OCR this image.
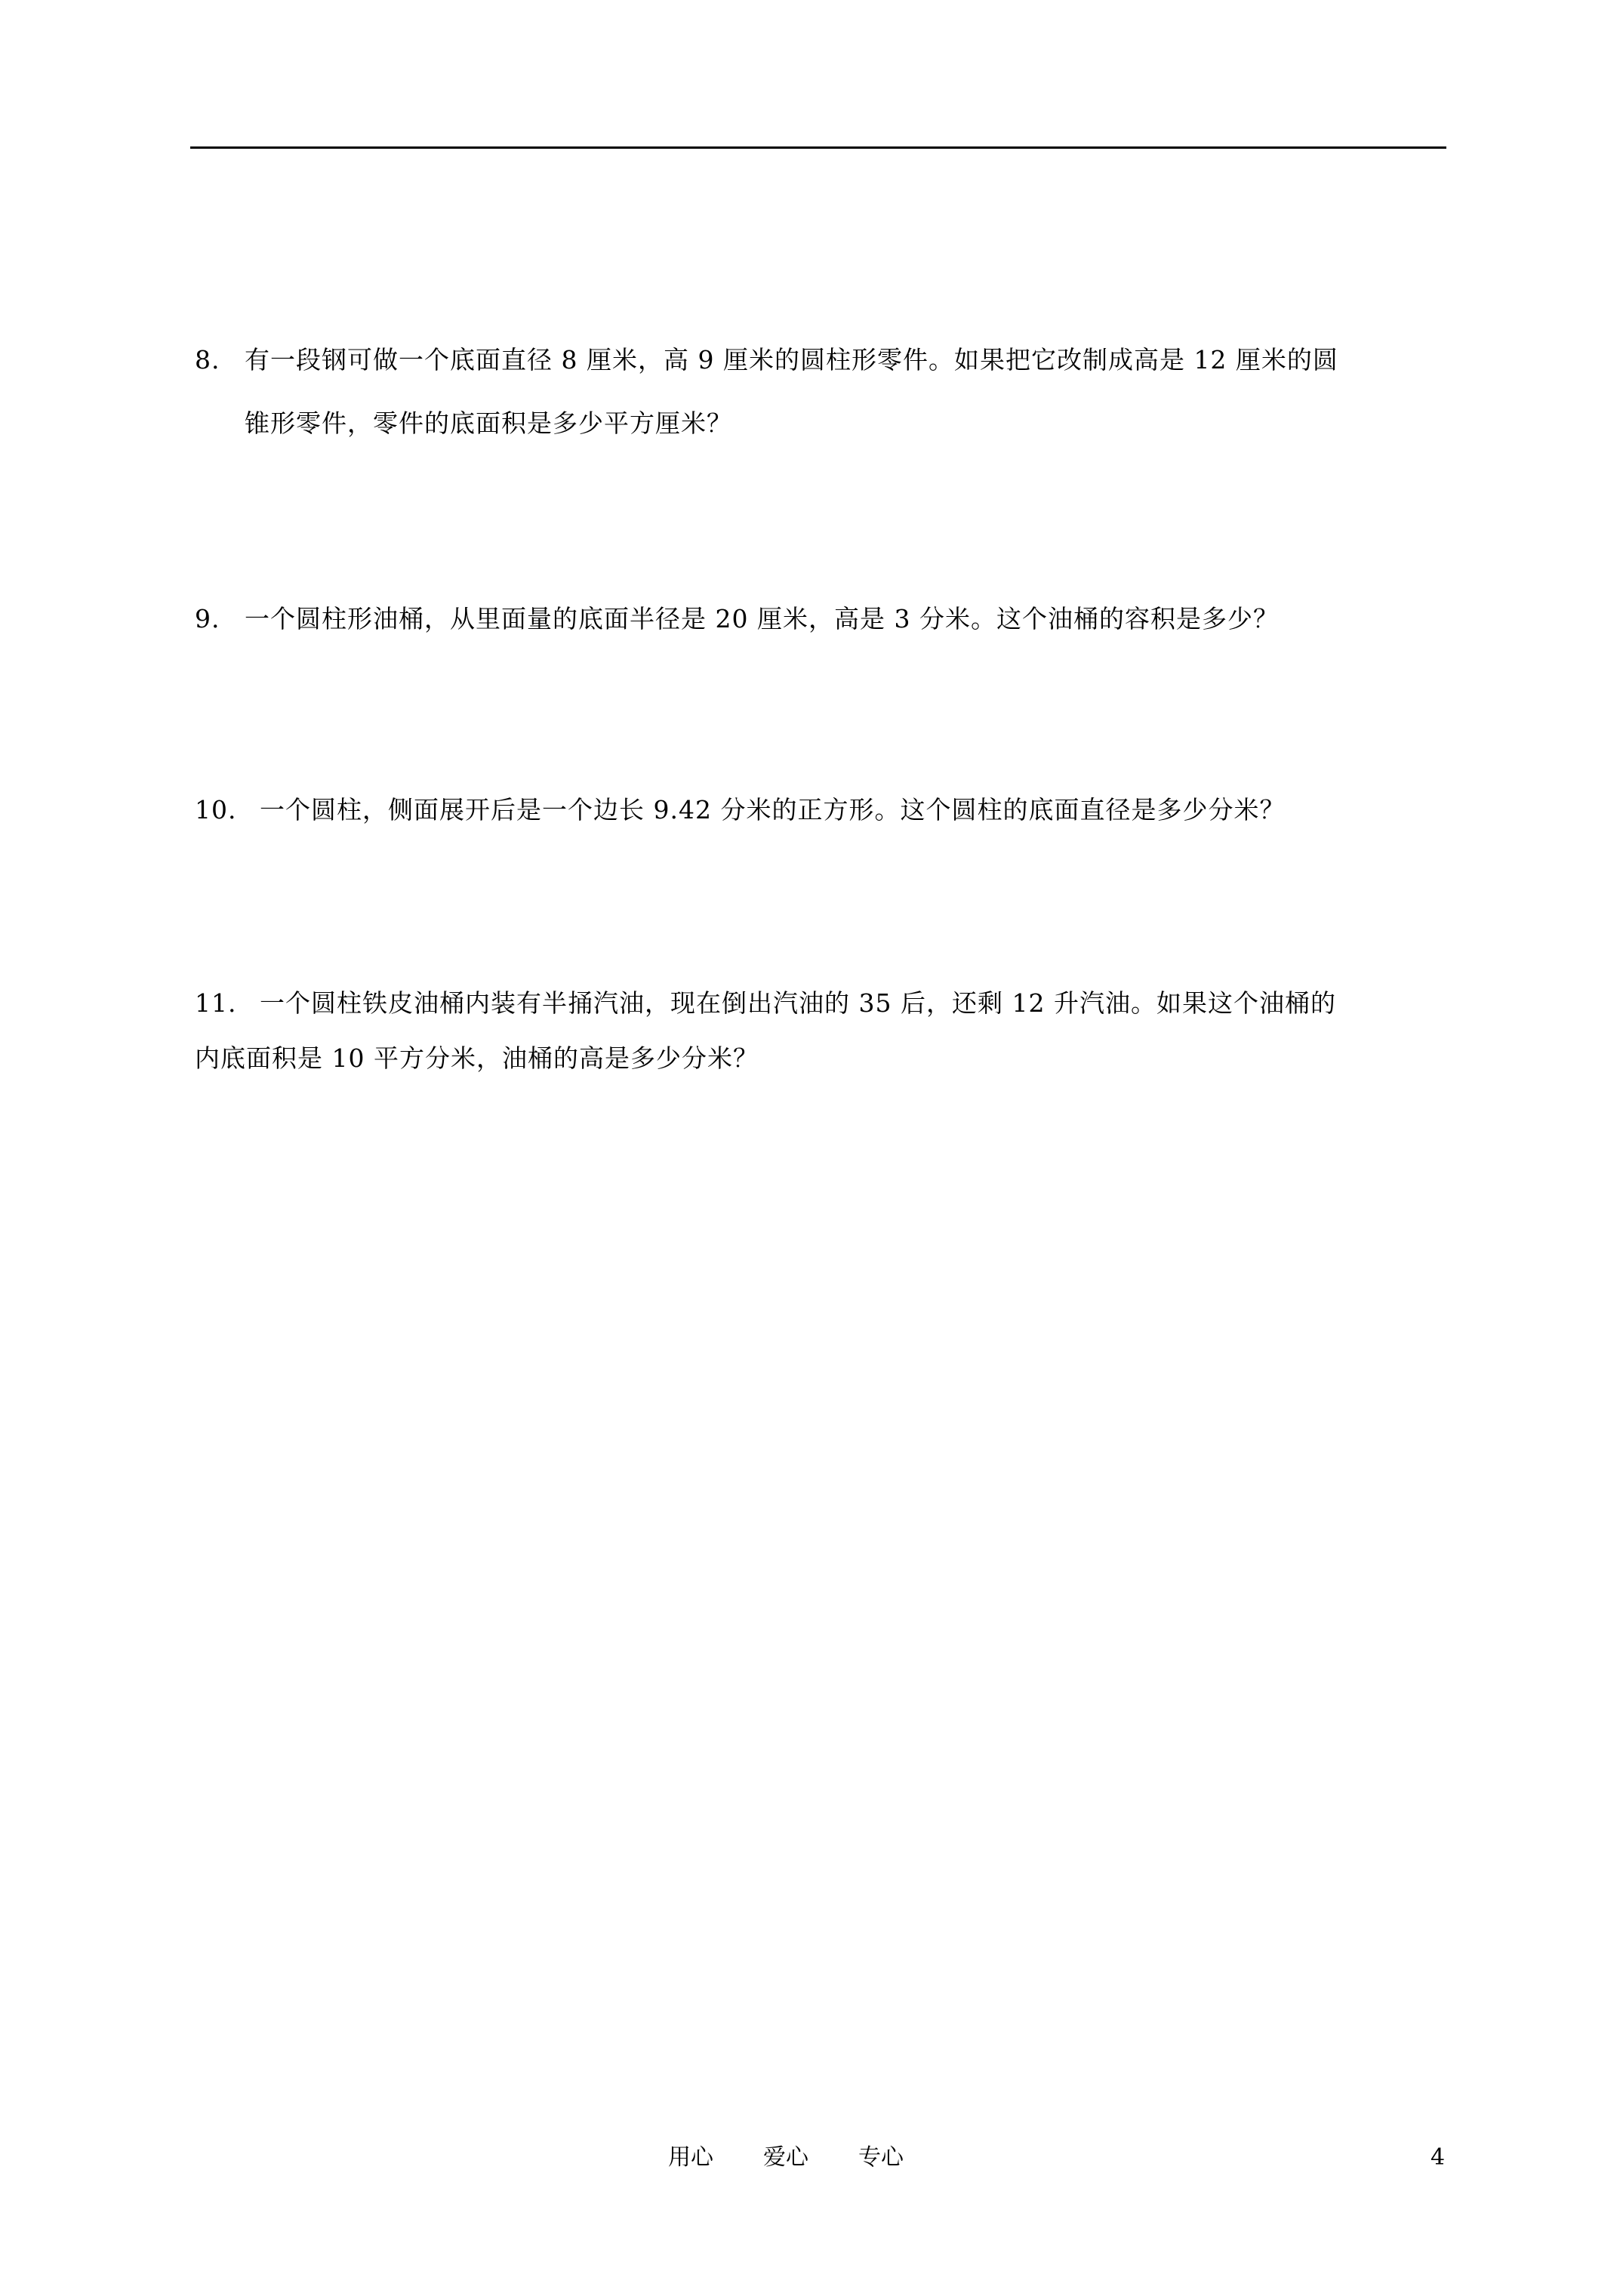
8. 有一段钢可做一个底面直径 8 厘米，高 9 厘米的圆柱形零件。如果把它改制成高是 12 厘米的圆
锥形零件，零件的底面积是多少平方厘米？
9. 一个圆柱形油桶，从里面量的底面半径是 20 厘米，高是 3 分米。这个油桶的容积是多少？
10. 一个圆柱，侧面展开后是一个边长 9.42 分米的正方形。这个圆柱的底面直径是多少分米？
11. 一个圆柱铁皮油桶内装有半捅汽油，现在倒出汽油的 35 后，还剩 12 升汽油。如果这个油桶的
内底面积是 10 平方分米，油桶的高是多少分米？
用心 爱心 专心	4
